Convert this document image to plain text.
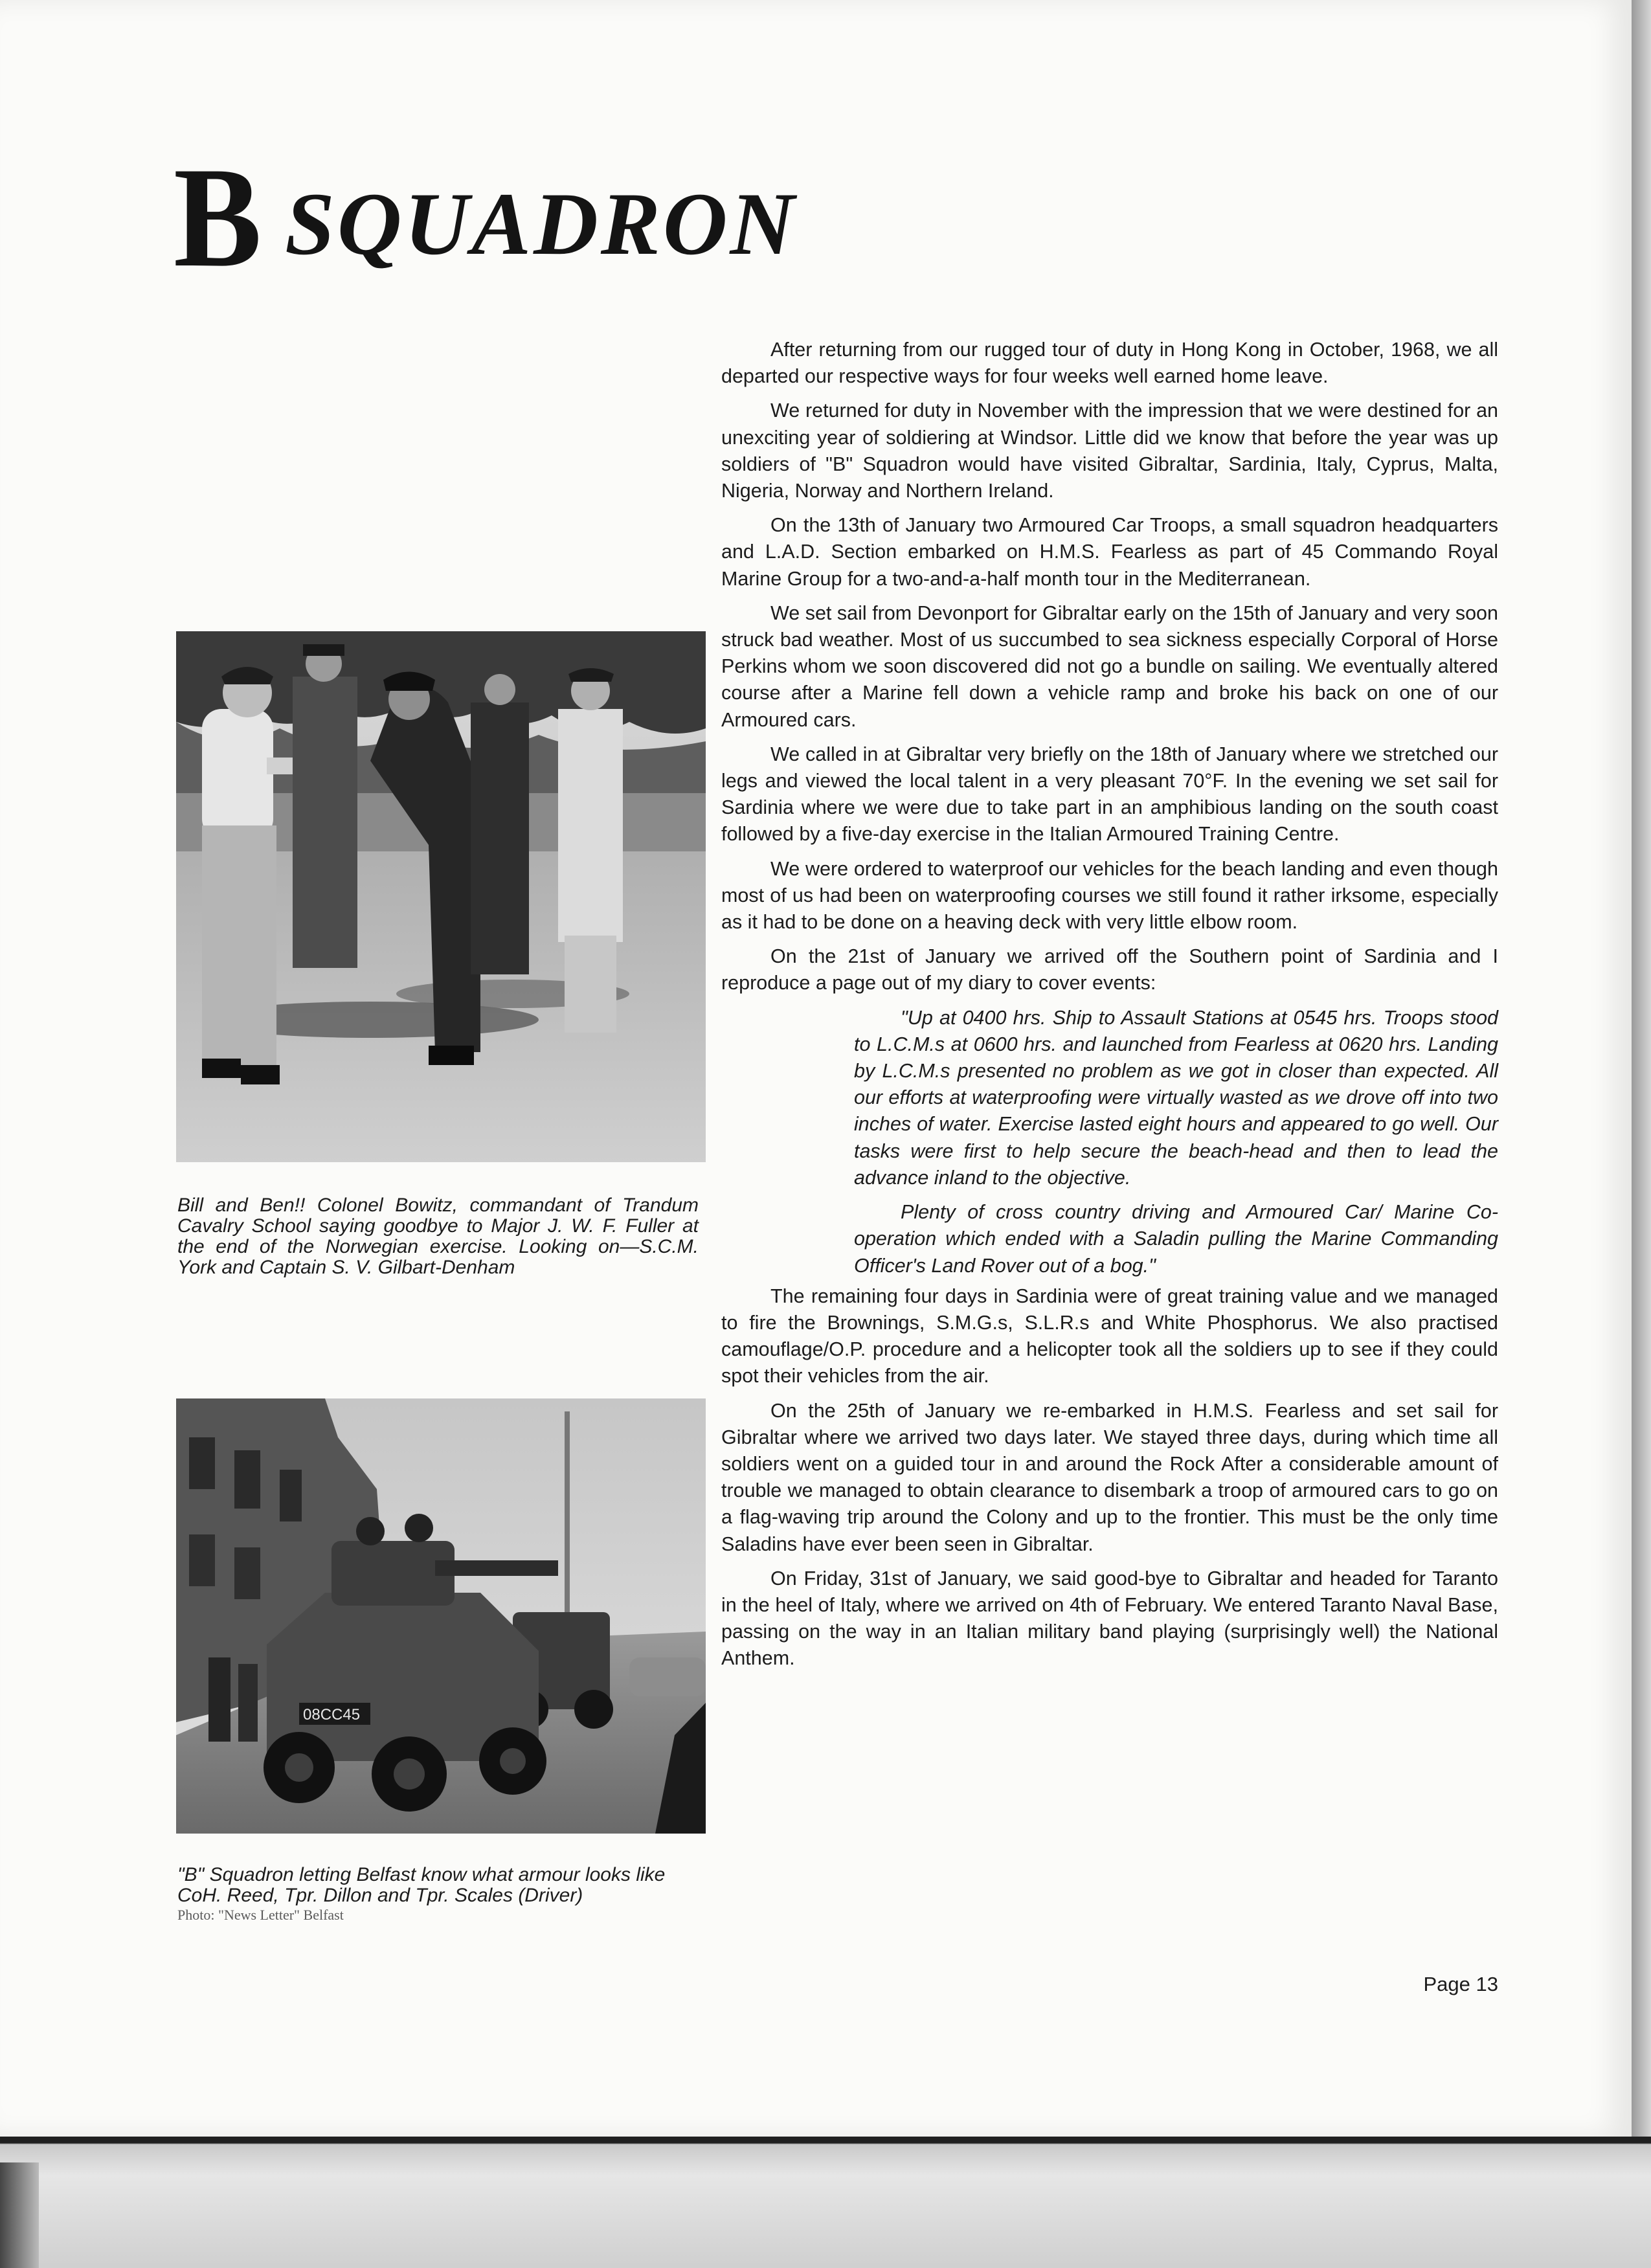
B SQUADRON
Bill and Ben!! Colonel Bowitz, commandant of Trandum Cavalry School saying goodbye to Major J. W. F. Fuller at the end of the Norwegian exercise. Looking on—S.C.M. York and Captain S. V. Gilbart-Denham
08CC45
"B" Squadron letting Belfast know what armour looks like
CoH. Reed, Tpr. Dillon and Tpr. Scales (Driver)
Photo: "News Letter" Belfast

After returning from our rugged tour of duty in Hong Kong in October, 1968, we all departed our respective ways for four weeks well earned home leave.

We returned for duty in November with the impression that we were destined for an unexciting year of soldiering at Windsor. Little did we know that before the year was up soldiers of "B" Squadron would have visited Gibraltar, Sardinia, Italy, Cyprus, Malta, Nigeria, Norway and Northern Ireland.

On the 13th of January two Armoured Car Troops, a small squadron headquarters and L.A.D. Section embarked on H.M.S. Fearless as part of 45 Commando Royal Marine Group for a two-and-a-half month tour in the Mediterranean.

We set sail from Devonport for Gibraltar early on the 15th of January and very soon struck bad weather. Most of us succumbed to sea sickness especially Corporal of Horse Perkins whom we soon discovered did not go a bundle on sailing. We eventually altered course after a Marine fell down a vehicle ramp and broke his back on one of our Armoured cars.

We called in at Gibraltar very briefly on the 18th of January where we stretched our legs and viewed the local talent in a very pleasant 70°F. In the evening we set sail for Sardinia where we were due to take part in an amphibious landing on the south coast followed by a five-day exercise in the Italian Armoured Training Centre.

We were ordered to waterproof our vehicles for the beach landing and even though most of us had been on waterproofing courses we still found it rather irksome, especially as it had to be done on a heaving deck with very little elbow room.

On the 21st of January we arrived off the Southern point of Sardinia and I reproduce a page out of my diary to cover events:

"Up at 0400 hrs. Ship to Assault Stations at 0545 hrs. Troops stood to L.C.M.s at 0600 hrs. and launched from Fearless at 0620 hrs. Landing by L.C.M.s presented no problem as we got in closer than expected. All our efforts at waterproofing were virtually wasted as we drove off into two inches of water. Exercise lasted eight hours and appeared to go well. Our tasks were first to help secure the beach-head and then to lead the advance inland to the objective.

Plenty of cross country driving and Armoured Car/ Marine Co-operation which ended with a Saladin pulling the Marine Commanding Officer's Land Rover out of a bog."

The remaining four days in Sardinia were of great training value and we managed to fire the Brownings, S.M.G.s, S.L.R.s and White Phosphorus. We also practised camouflage/O.P. procedure and a helicopter took all the soldiers up to see if they could spot their vehicles from the air.

On the 25th of January we re-embarked in H.M.S. Fearless and set sail for Gibraltar where we arrived two days later. We stayed three days, during which time all soldiers went on a guided tour in and around the Rock After a considerable amount of trouble we managed to obtain clearance to disembark a troop of armoured cars to go on a flag-waving trip around the Colony and up to the frontier. This must be the only time Saladins have ever been seen in Gibraltar.

On Friday, 31st of January, we said good-bye to Gibraltar and headed for Taranto in the heel of Italy, where we arrived on 4th of February. We entered Taranto Naval Base, passing on the way in an Italian military band playing (surprisingly well) the National Anthem.

Page 13
